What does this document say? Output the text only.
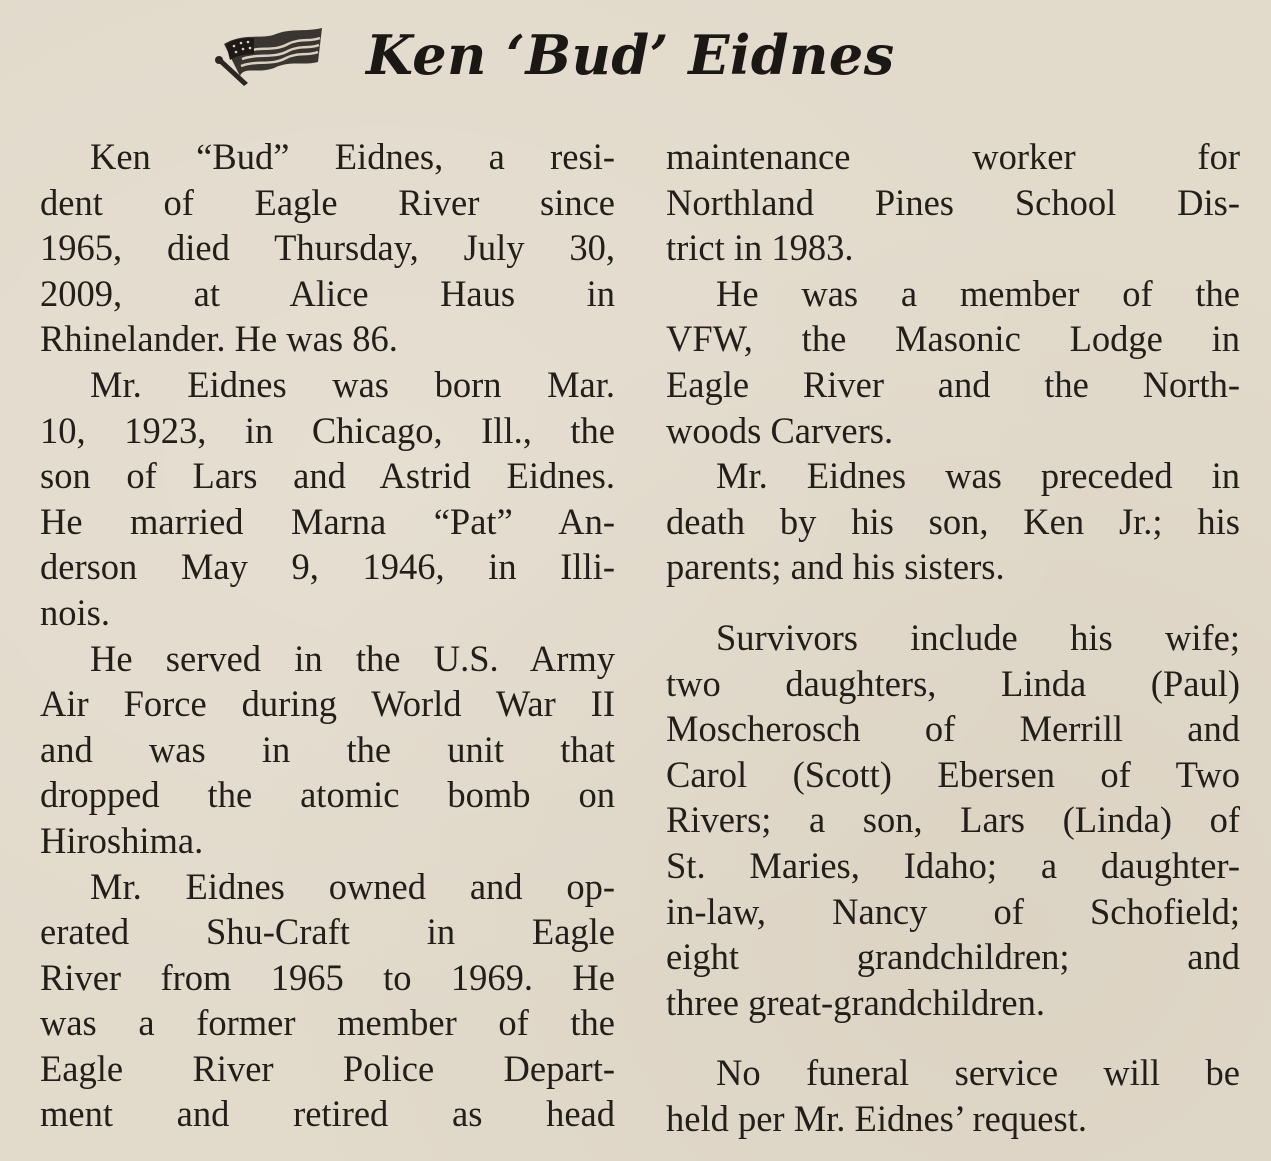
Ken ‘Bud’ Eidnes
Ken “Bud” Eidnes, a resi-
dent of Eagle River since
1965, died Thursday, July 30,
2009, at Alice Haus in
Rhinelander. He was 86.
Mr. Eidnes was born Mar.
10, 1923, in Chicago, Ill., the
son of Lars and Astrid Eidnes.
He married Marna “Pat” An-
derson May 9, 1946, in Illi-
nois.
He served in the U.S. Army
Air Force during World War II
and was in the unit that
dropped the atomic bomb on
Hiroshima.
Mr. Eidnes owned and op-
erated Shu-Craft in Eagle
River from 1965 to 1969. He
was a former member of the
Eagle River Police Depart-
ment and retired as head
maintenance worker for
Northland Pines School Dis-
trict in 1983.
He was a member of the
VFW, the Masonic Lodge in
Eagle River and the North-
woods Carvers.
Mr. Eidnes was preceded in
death by his son, Ken Jr.; his
parents; and his sisters.
Survivors include his wife;
two daughters, Linda (Paul)
Moscherosch of Merrill and
Carol (Scott) Ebersen of Two
Rivers; a son, Lars (Linda) of
St. Maries, Idaho; a daughter-
in-law, Nancy of Schofield;
eight grandchildren; and
three great-grandchildren.
No funeral service will be
held per Mr. Eidnes’ request.
